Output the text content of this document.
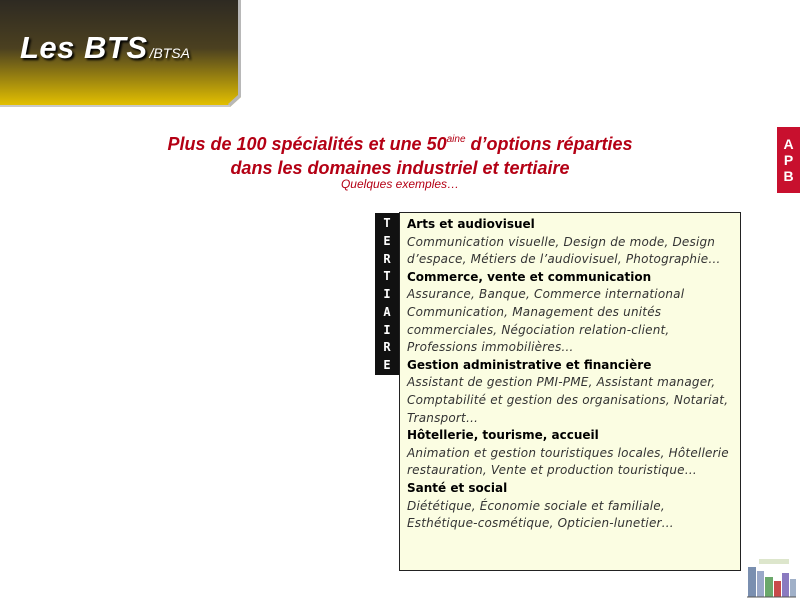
Les BTS /BTSA
Plus de 100 spécialités et une $50^{aine}$ d’options réparties
dans les domaines industriel et tertiaire
Quelques exemples…
A
P
B
T
E
R
T
I
A
I
R
E
Arts et audiovisuel
Communication visuelle, Design de mode, Design d’espace, Métiers de l’audiovisuel, Photographie…
Commerce, vente et communication
Assurance, Banque, Commerce international Communication, Management des unités commerciales, Négociation relation-client, Professions immobilières…
Gestion administrative et financière
Assistant de gestion PMI-PME, Assistant manager, Comptabilité et gestion des organisations, Notariat, Transport…
Hôtellerie, tourisme, accueil
Animation et gestion touristiques locales, Hôtellerie restauration, Vente et production touristique…
Santé et social
Diététique, Économie sociale et familiale, Esthétique-cosmétique, Opticien-lunetier…
